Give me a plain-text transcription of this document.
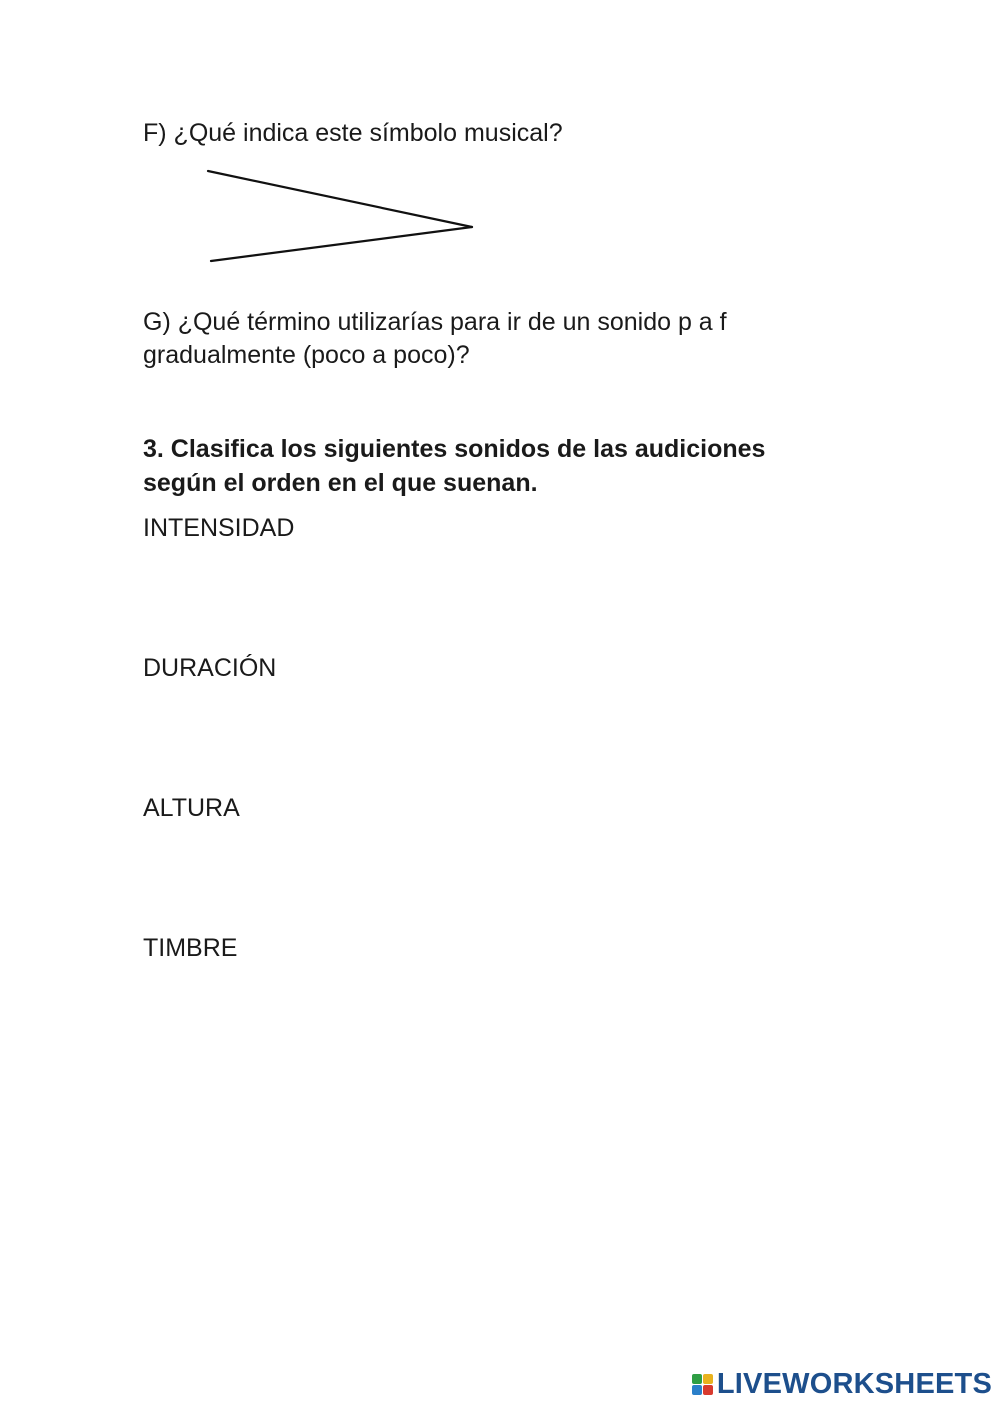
F) ¿Qué indica este símbolo musical?
G) ¿Qué término utilizarías para ir de un sonido p a f
gradualmente (poco a poco)?
3. Clasifica los siguientes sonidos de las audiciones
según el orden en el que suenan.
INTENSIDAD
DURACIÓN
ALTURA
TIMBRE
LIVEWORKSHEETS
